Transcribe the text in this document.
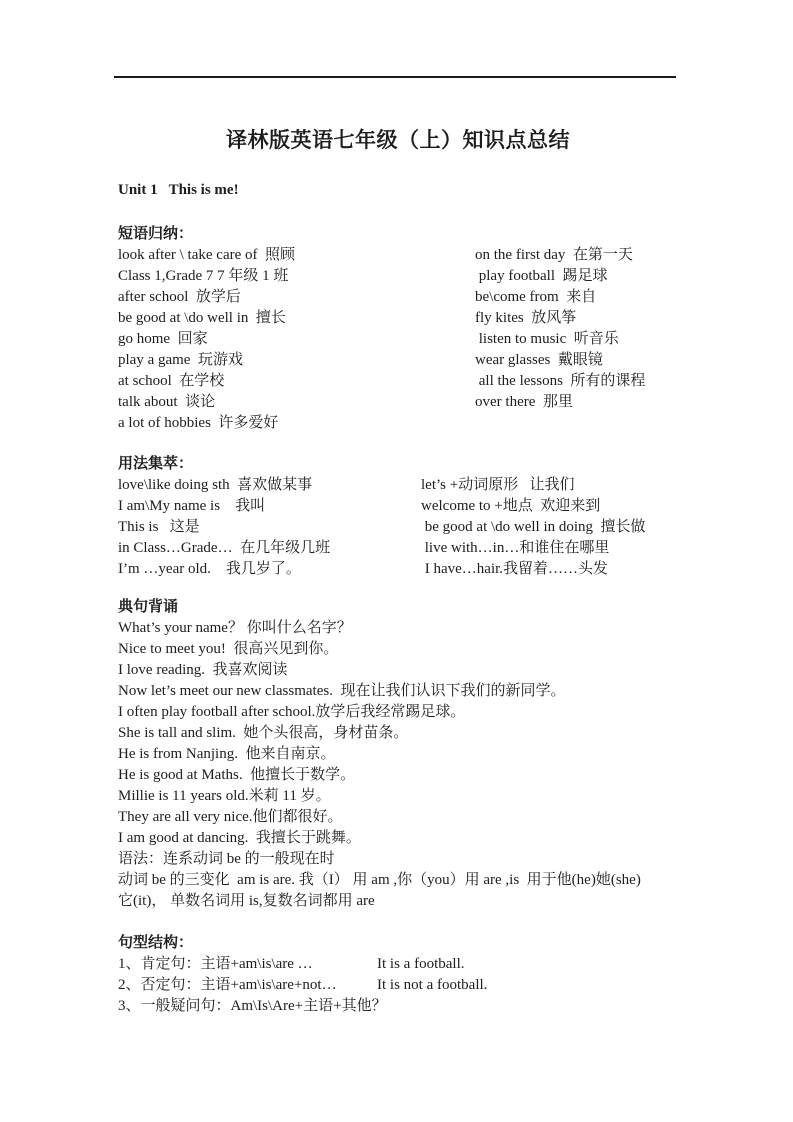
译林版英语七年级（上）知识点总结
Unit 1   This is me!
短语归纳：
look after \ take care of  照顾	on the first day  在第一天
Class 1,Grade 7 7 年级 1 班	play football  踢足球
after school  放学后	be\come from  来自
be good at \do well in  擅长	fly kites  放风筝
go home  回家	listen to music  听音乐
play a game  玩游戏	wear glasses  戴眼镜
at school  在学校	all the lessons  所有的课程
talk about  谈论	over there  那里
a lot of hobbies  许多爱好
用法集萃：
love\like doing sth  喜欢做某事	let’s +动词原形   让我们
I am\My name is    我叫	welcome to +地点  欢迎来到
This is   这是	be good at \do well in doing  擅长做
in Class…Grade…  在几年级几班	live with…in…和谁住在哪里
I’m …year old.    我几岁了。	I have…hair.我留着……头发
典句背诵
What’s your name？ 你叫什么名字？
Nice to meet you!  很高兴见到你。
I love reading.  我喜欢阅读
Now let’s meet our new classmates.  现在让我们认识下我们的新同学。
I often play football after school.放学后我经常踢足球。
She is tall and slim.  她个头很高，身材苗条。
He is from Nanjing.  他来自南京。
He is good at Maths.  他擅长于数学。
Millie is 11 years old.米莉 11 岁。
They are all very nice.他们都很好。
I am good at dancing.  我擅长于跳舞。
语法：连系动词 be 的一般现在时
动词 be 的三变化  am is are. 我（I） 用 am ,你（you）用 are ,is  用于他(he)她(she)
它(it)， 单数名词用 is,复数名词都用 are
句型结构：
1、肯定句：主语+am\is\are …	It is a football.
2、否定句：主语+am\is\are+not…	It is not a football.
3、一般疑问句：Am\Is\Are+主语+其他？
